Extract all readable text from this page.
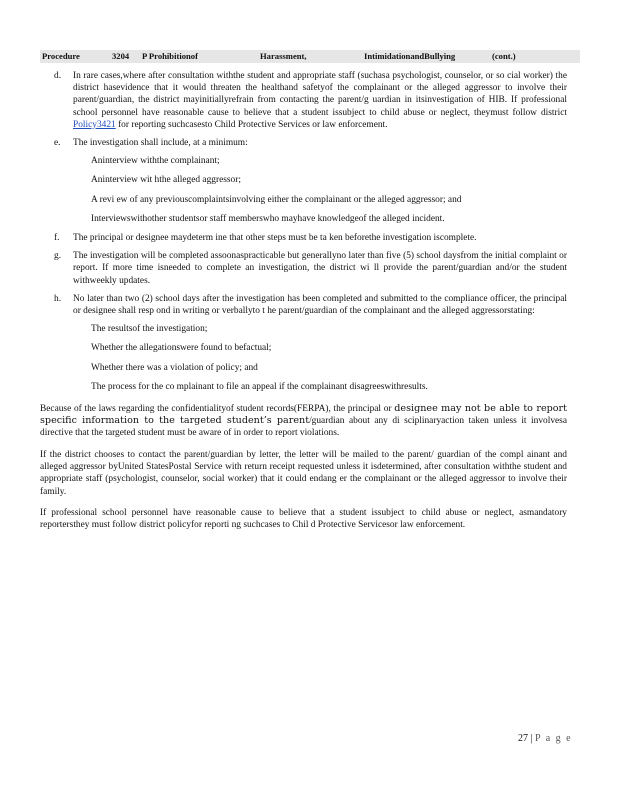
Procedure	3204 P Prohibitionof	Harassment,	IntimidationandBullying	(cont.)
d. In rare cases,where after consultation withthe student and appropriate staff (suchasa psychologist, counselor, or so cial worker) the district hasevidence that it would threaten the healthand safetyof the complainant or the alleged aggressor to involve their parent/guardian, the district mayinitiallyrefrain from contacting the parent/g uardian in itsinvestigation of HIB. If professional school personnel have reasonable cause to believe that a student issubject to child abuse or neglect, theymust follow district Policy3421 for reporting suchcasesto Child Protective Services or law enforcement.
e. The investigation shall include, at a minimum:
Aninterview withthe complainant;
Aninterview wit hthe alleged aggressor;
A revi ew of any previouscomplaintsinvolving either the complainant or the alleged aggressor; and
Interviewswithother studentsor staff memberswho mayhave knowledgeof the alleged incident.
f. The principal or designee maydeterm ine that other steps must be ta ken beforethe investigation iscomplete.
g. The investigation will be completed assoonaspracticable but generallyno later than five (5) school daysfrom the initial complaint or report. If more time isneeded to complete an investigation, the district wi ll provide the parent/guardian and/or the student withweekly updates.
h. No later than two (2) school days after the investigation has been completed and submitted to the compliance officer, the principal or designee shall resp ond in writing or verballyto t he parent/guardian of the complainant and the alleged aggressorstating:
The resultsof the investigation;
Whether the allegationswere found to befactual;
Whether there was a violation of policy; and
The process for the co mplainant to file an appeal if the complainant disagreeswithresults.

Because of the laws regarding the confidentialityof student records(FERPA), the principal or designee may not be able to report specific information to the targeted student’s parent/guardian about any di sciplinaryaction taken unless it involvesa directive that the targeted student must be aware of in order to report violations.

If the district chooses to contact the parent/guardian by letter, the letter will be mailed to the parent/ guardian of the compl ainant and alleged aggressor byUnited StatesPostal Service with return receipt requested unless it isdetermined, after consultation withthe student and appropriate staff (psychologist, counselor, social worker) that it could endang er the complainant or the alleged aggressor to involve their family.

If professional school personnel have reasonable cause to believe that a student issubject to child abuse or neglect, asmandatory reportersthey must follow district policyfor reporti ng suchcases to Chil d Protective Servicesor law enforcement.

27 | P a g e
